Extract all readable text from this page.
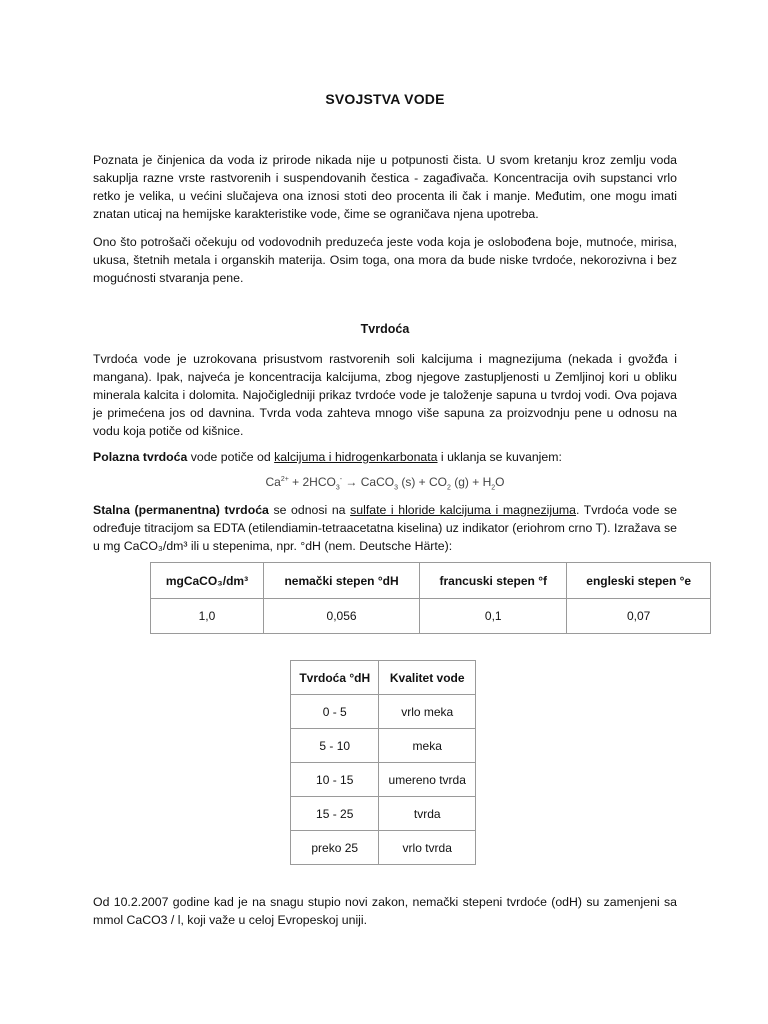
SVOJSTVA VODE

Poznata je činjenica da voda iz prirode nikada nije u potpunosti čista. U svom kretanju kroz zemlju voda sakuplja razne vrste rastvorenih i suspendovanih čestica - zagađivača. Koncentracija ovih supstanci vrlo retko je velika, u većini slučajeva ona iznosi stoti deo procenta ili čak i manje. Međutim, one mogu imati znatan uticaj na hemijske karakteristike vode, čime se ograničava njena upotreba.

Ono što potrošači očekuju od vodovodnih preduzeća jeste voda koja je oslobođena boje, mutnoće, mirisa, ukusa, štetnih metala i organskih materija. Osim toga, ona mora da bude niske tvrdoće, nekorozivna i bez mogućnosti stvaranja pene.

Tvrdoća

Tvrdoća vode je uzrokovana prisustvom rastvorenih soli kalcijuma i magnezijuma (nekada i gvožđa i mangana). Ipak, najveća je koncentracija kalcijuma, zbog njegove zastupljenosti u Zemljinoj kori u obliku minerala kalcita i dolomita. Najočigledniji prikaz tvrdoće vode je taloženje sapuna u tvrdoj vodi. Ova pojava je primećena jos od davnina. Tvrda voda zahteva mnogo više sapuna za proizvodnju pene u odnosu na vodu koja potiče od kišnice.

Polazna tvrdoća vode potiče od kalcijuma i hidrogenkarbonata i uklanja se kuvanjem:

$Ca^{2+} + 2HCO_3^-$ → CaCO$_3$ $(s) + CO_2$ $(g) + H_2O$

Stalna (permanentna) tvrdoća se odnosi na sulfate i hloride kalcijuma i magnezijuma. Tvrdoća vode se određuje titracijom sa EDTA (etilendiamin-tetraacetatna kiselina) uz indikator (eriohrom crno T). Izražava se u mg CaCO₃/dm³ ili u stepenima, npr. °dH (nem. Deutsche Härte):

mgCaCO₃/dm³	nemački stepen °dH	francuski stepen °f	engleski stepen °e
1,0	0,056	0,1	0,07
Tvrdoća °dH	Kvalitet vode
0 - 5	vrlo meka
5 - 10	meka
10 - 15	umereno tvrda
15 - 25	tvrda
preko 25	vrlo tvrda

Od 10.2.2007 godine kad je na snagu stupio novi zakon, nemački stepeni tvrdoće (odH) su zamenjeni sa mmol CaCO3 / l, koji važe u celoj Evropeskoj uniji.
